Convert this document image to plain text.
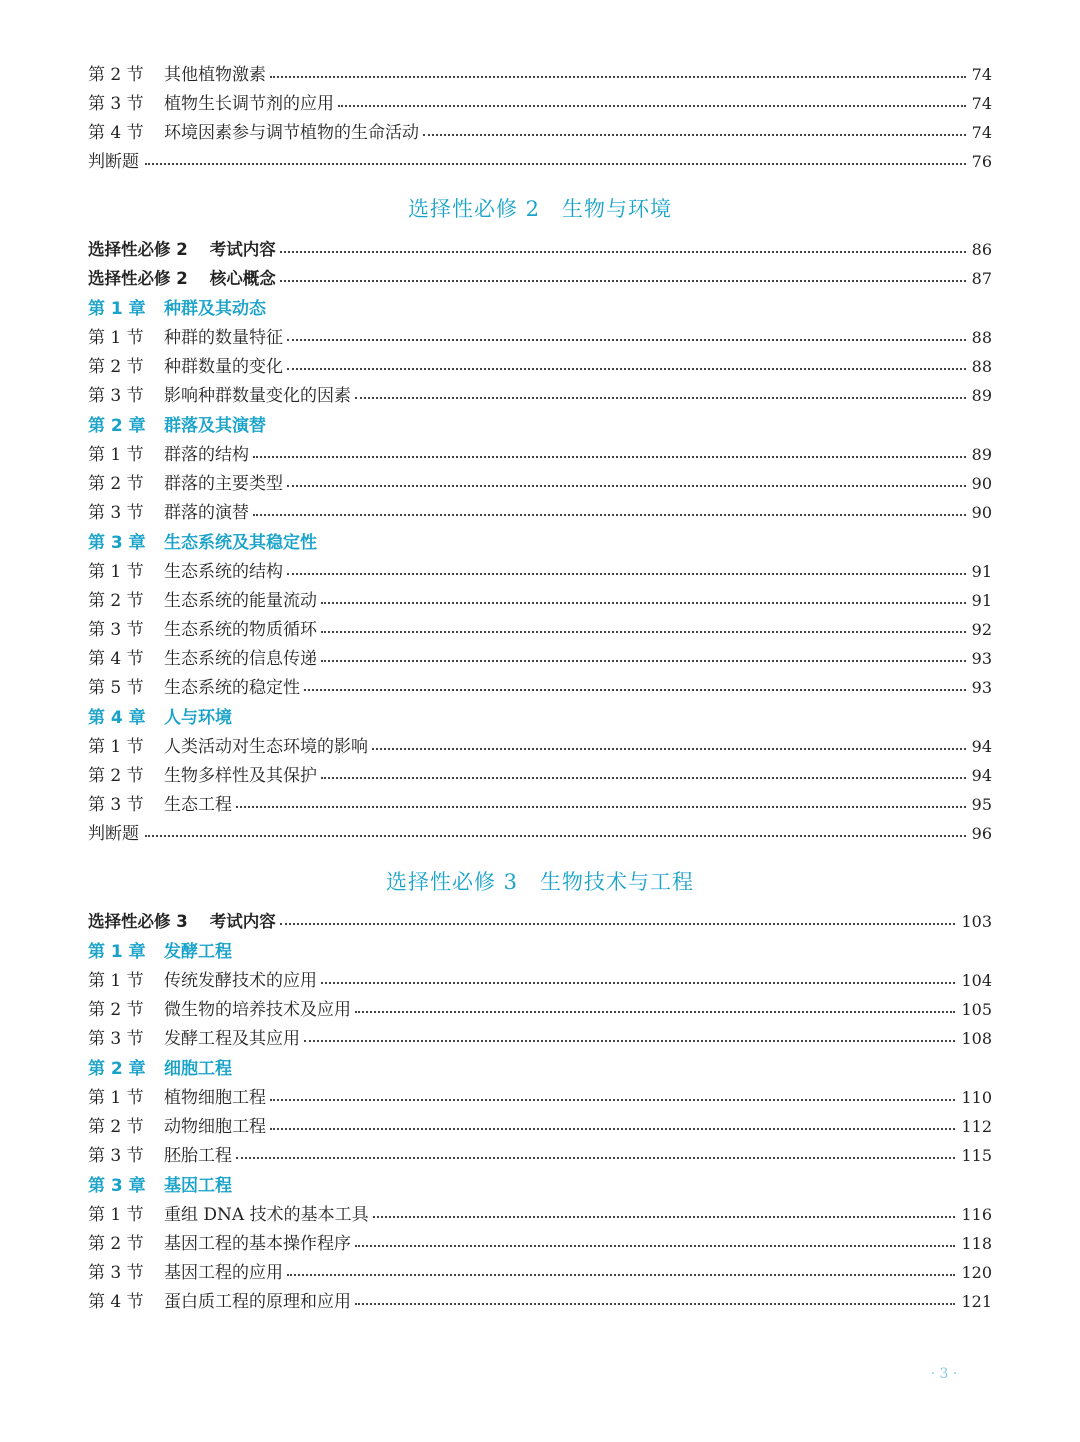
第 2 节	其他植物激素	74
第 3 节	植物生长调节剂的应用	74
第 4 节	环境因素参与调节植物的生命活动	74
判断题	76
选择性必修 2 生物与环境
选择性必修 2 考试内容	86
选择性必修 2 核心概念	87
第 1 章	种群及其动态
第 1 节	种群的数量特征	88
第 2 节	种群数量的变化	88
第 3 节	影响种群数量变化的因素	89
第 2 章	群落及其演替
第 1 节	群落的结构	89
第 2 节	群落的主要类型	90
第 3 节	群落的演替	90
第 3 章	生态系统及其稳定性
第 1 节	生态系统的结构	91
第 2 节	生态系统的能量流动	91
第 3 节	生态系统的物质循环	92
第 4 节	生态系统的信息传递	93
第 5 节	生态系统的稳定性	93
第 4 章	人与环境
第 1 节	人类活动对生态环境的影响	94
第 2 节	生物多样性及其保护	94
第 3 节	生态工程	95
判断题	96
选择性必修 3 生物技术与工程
选择性必修 3 考试内容	103
第 1 章	发酵工程
第 1 节	传统发酵技术的应用	104
第 2 节	微生物的培养技术及应用	105
第 3 节	发酵工程及其应用	108
第 2 章	细胞工程
第 1 节	植物细胞工程	110
第 2 节	动物细胞工程	112
第 3 节	胚胎工程	115
第 3 章	基因工程
第 1 节	重组 DNA 技术的基本工具	116
第 2 节	基因工程的基本操作程序	118
第 3 节	基因工程的应用	120
第 4 节	蛋白质工程的原理和应用	121
· 3 ·
